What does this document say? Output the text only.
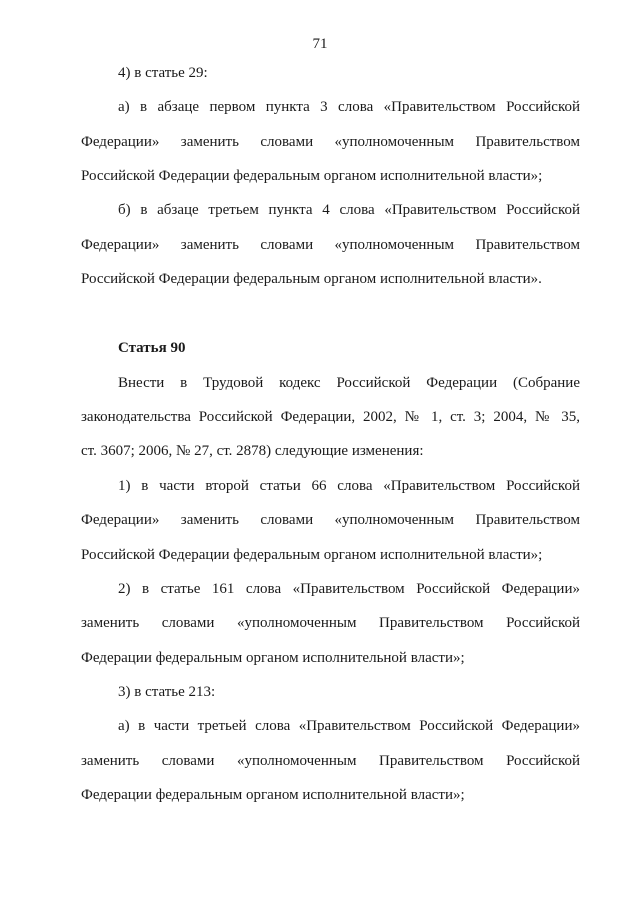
71
4) в статье 29:
а) в абзаце первом пункта 3 слова «Правительством Российской
Федерации» заменить словами «уполномоченным Правительством
Российской Федерации федеральным органом исполнительной власти»;
б) в абзаце третьем пункта 4 слова «Правительством Российской
Федерации» заменить словами «уполномоченным Правительством
Российской Федерации федеральным органом исполнительной власти».
Статья 90
Внести в Трудовой кодекс Российской Федерации (Собрание
законодательства Российской Федерации, 2002, № 1, ст. 3; 2004, № 35,
ст. 3607; 2006, № 27, ст. 2878) следующие изменения:
1) в части второй статьи 66 слова «Правительством Российской
Федерации» заменить словами «уполномоченным Правительством
Российской Федерации федеральным органом исполнительной власти»;
2) в статье 161 слова «Правительством Российской Федерации»
заменить словами «уполномоченным Правительством Российской
Федерации федеральным органом исполнительной власти»;
3) в статье 213:
а) в части третьей слова «Правительством Российской Федерации»
заменить словами «уполномоченным Правительством Российской
Федерации федеральным органом исполнительной власти»;
